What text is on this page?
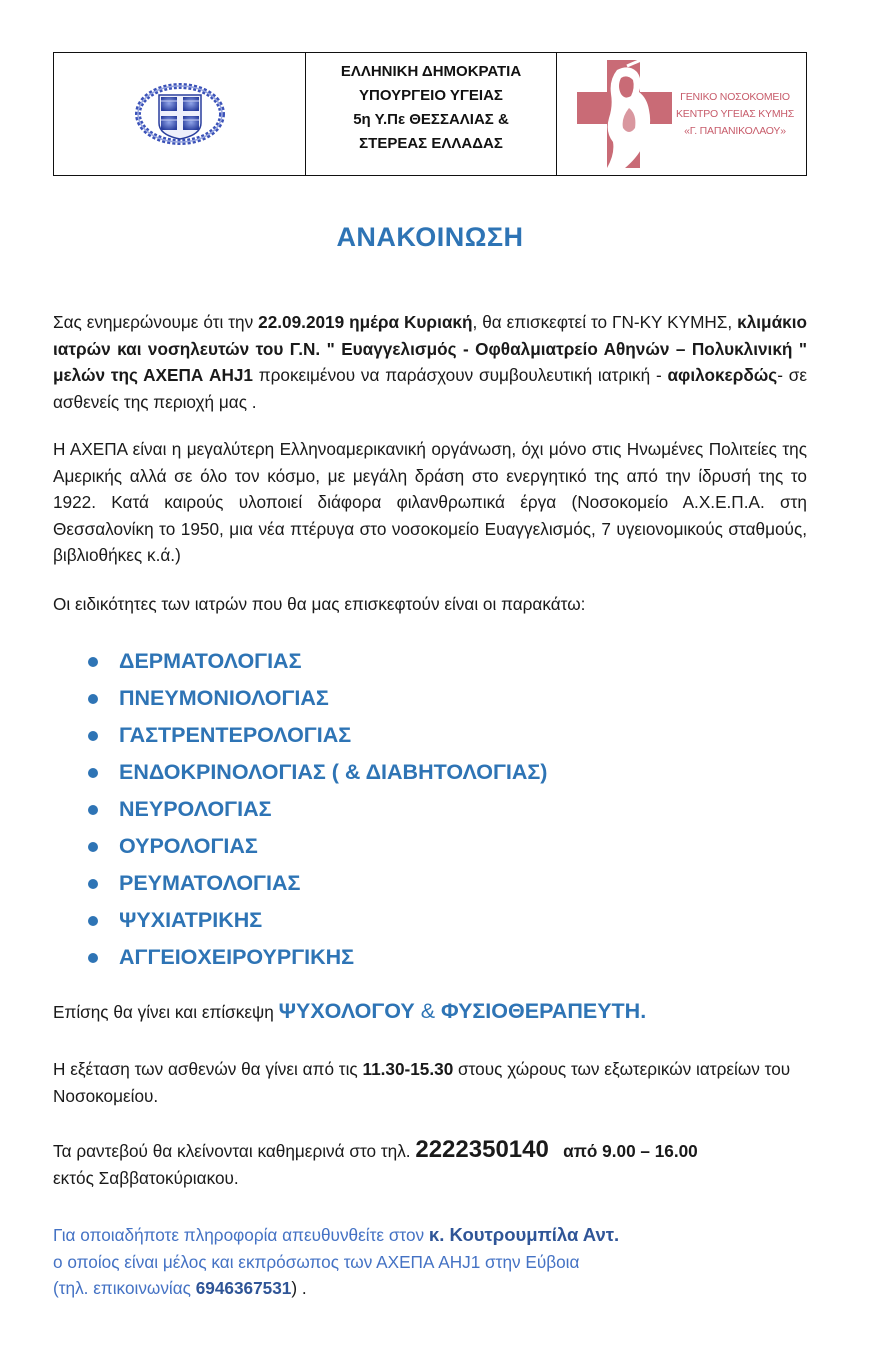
ΕΛΛΗΝΙΚΗ ΔΗΜΟΚΡΑΤΙΑ
ΥΠΟΥΡΓΕΙΟ ΥΓΕΙΑΣ
5η Υ.Πε ΘΕΣΣΑΛΙΑΣ &
ΣΤΕΡΕΑΣ ΕΛΛΑΔΑΣ
ΓΕΝΙΚΟ ΝΟΣΟΚΟΜΕΙΟ
ΚΕΝΤΡΟ ΥΓΕΙΑΣ ΚΥΜΗΣ
«Γ. ΠΑΠΑΝΙΚΟΛΑΟΥ»
ΑΝΑΚΟΙΝΩΣΗ
Σας ενημερώνουμε ότι την 22.09.2019 ημέρα Κυριακή, θα επισκεφτεί το ΓΝ-ΚΥ ΚΥΜΗΣ, κλιμάκιο ιατρών και νοσηλευτών του Γ.Ν. " Ευαγγελισμός - Οφθαλμιατρείο Αθηνών – Πολυκλινική " μελών της ΑΧΕΠΑ AHJ1 προκειμένου να παράσχουν συμβουλευτική ιατρική - αφιλοκερδώς- σε ασθενείς της περιοχή μας .
Η ΑΧΕΠΑ είναι η μεγαλύτερη Ελληνοαμερικανική οργάνωση, όχι μόνο στις Ηνωμένες Πολιτείες της Αμερικής αλλά σε όλο τον κόσμο, με μεγάλη δράση στο ενεργητικό της από την ίδρυσή της το 1922. Κατά καιρούς υλοποιεί διάφορα φιλανθρωπικά έργα (Νοσοκομείο Α.Χ.Ε.Π.Α. στη Θεσσαλονίκη το 1950, μια νέα πτέρυγα στο νοσοκομείο Ευαγγελισμός, 7 υγειονομικούς σταθμούς, βιβλιοθήκες κ.ά.)
Οι ειδικότητες των ιατρών που θα μας επισκεφτούν είναι οι παρακάτω:
ΔΕΡΜΑΤΟΛΟΓΙΑΣ
ΠΝΕΥΜΟΝΙΟΛΟΓΙΑΣ
ΓΑΣΤΡΕΝΤΕΡΟΛΟΓΙΑΣ
ΕΝΔΟΚΡΙΝΟΛΟΓΙΑΣ ( & ΔΙΑΒΗΤΟΛΟΓΙΑΣ)
ΝΕΥΡΟΛΟΓΙΑΣ
ΟΥΡΟΛΟΓΙΑΣ
ΡΕΥΜΑΤΟΛΟΓΙΑΣ
ΨΥΧΙΑΤΡΙΚΗΣ
ΑΓΓΕΙΟΧΕΙΡΟΥΡΓΙΚΗΣ
Επίσης θα γίνει και επίσκεψη ΨΥΧΟΛΟΓΟΥ & ΦΥΣΙΟΘΕΡΑΠΕΥΤΗ.
Η εξέταση των ασθενών θα γίνει από τις 11.30-15.30 στους χώρους των εξωτερικών ιατρείων του Νοσοκομείου.
Τα ραντεβού θα κλείνονται καθημερινά στο τηλ. 2222350140 από 9.00 – 16.00
εκτός Σαββατοκύριακου.
Για οποιαδήποτε πληροφορία απευθυνθείτε στον κ. Κουτρουμπίλα Αντ.
ο οποίος είναι μέλος και εκπρόσωπος των ΑΧΕΠΑ AHJ1 στην Εύβοια
(τηλ. επικοινωνίας 6946367531) .
